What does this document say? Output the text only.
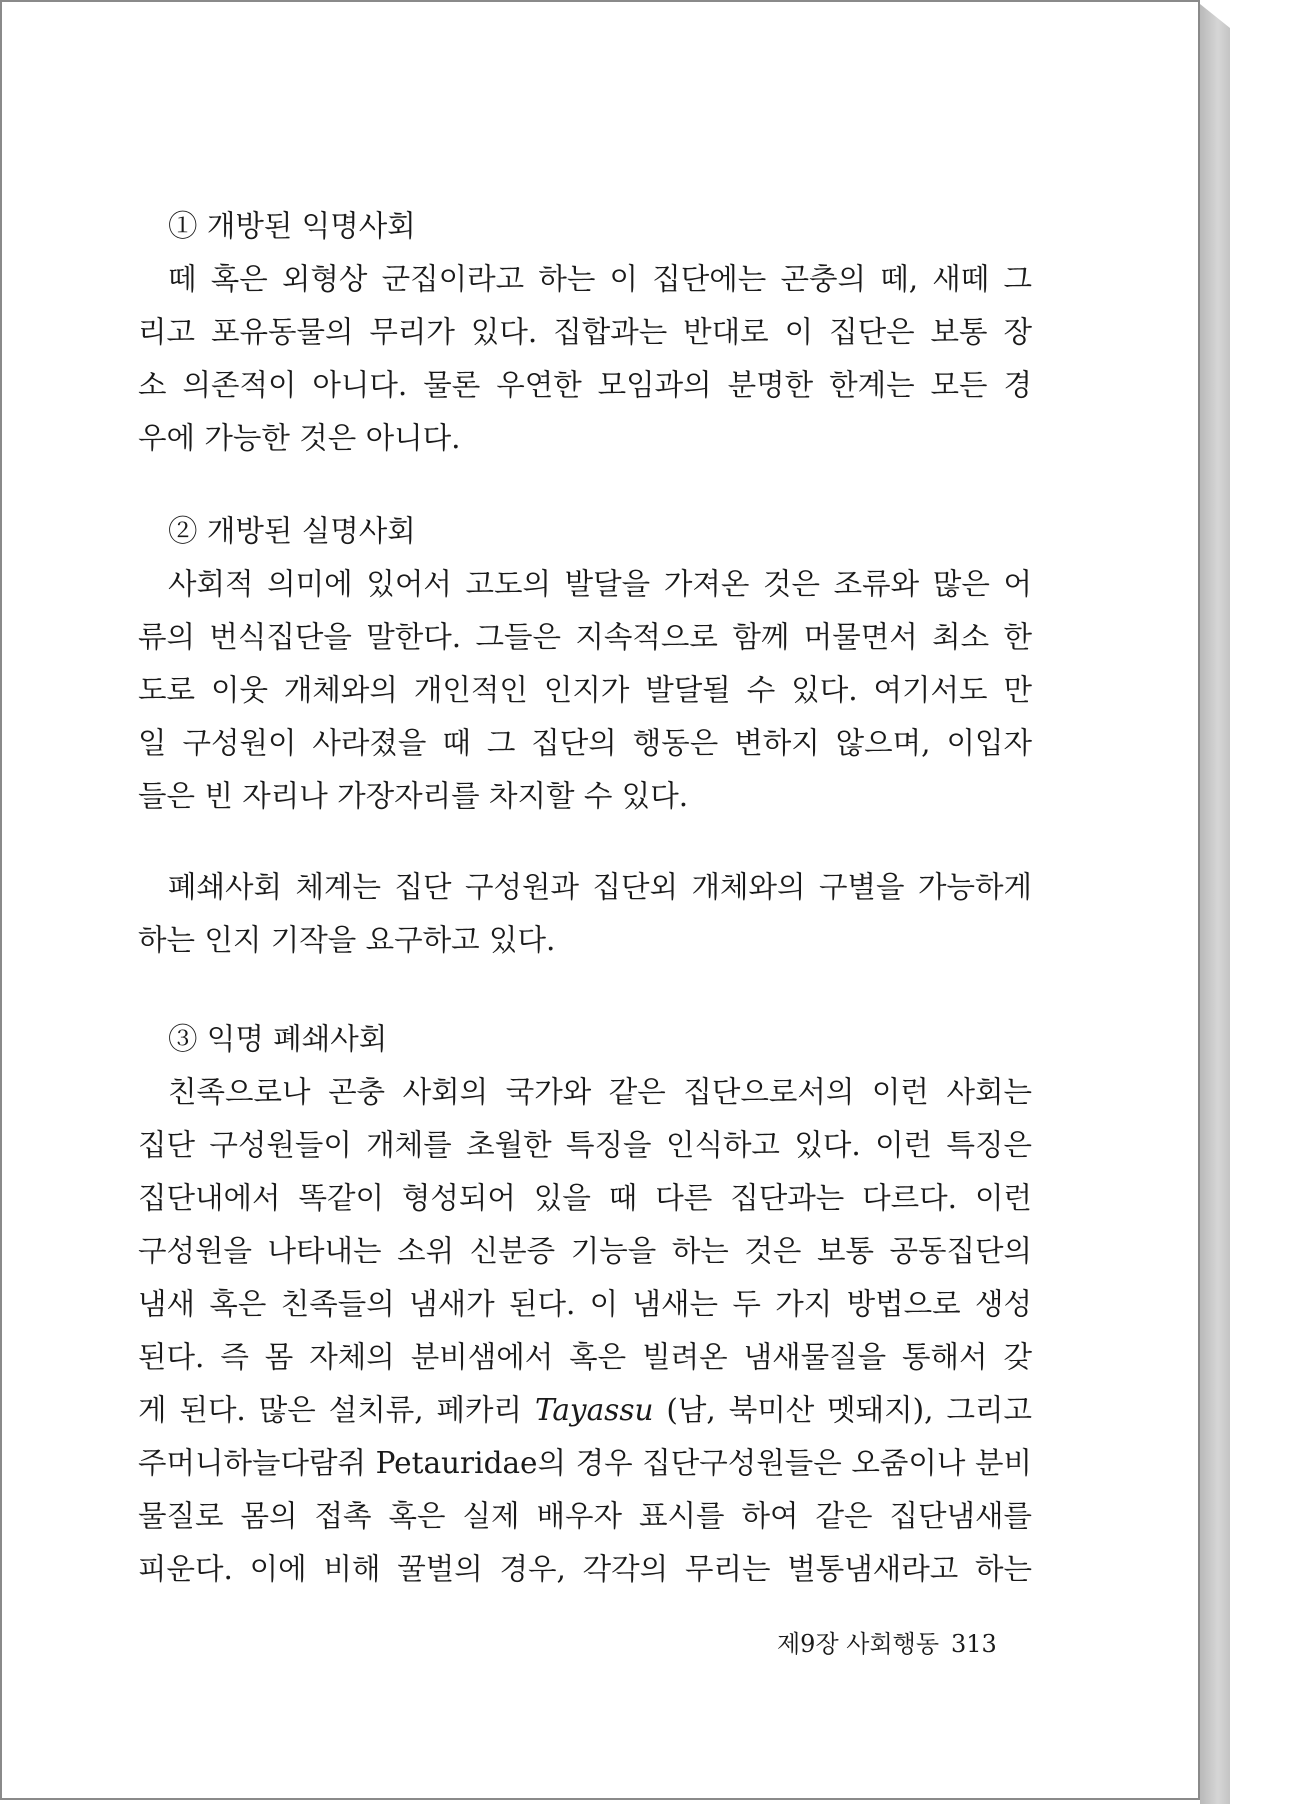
① 개방된 익명사회
떼 혹은 외형상 군집이라고 하는 이 집단에는 곤충의 떼, 새떼 그
리고 포유동물의 무리가 있다. 집합과는 반대로 이 집단은 보통 장
소 의존적이 아니다. 물론 우연한 모임과의 분명한 한계는 모든 경
우에 가능한 것은 아니다.
② 개방된 실명사회
사회적 의미에 있어서 고도의 발달을 가져온 것은 조류와 많은 어
류의 번식집단을 말한다. 그들은 지속적으로 함께 머물면서 최소 한
도로 이웃 개체와의 개인적인 인지가 발달될 수 있다. 여기서도 만
일 구성원이 사라졌을 때 그 집단의 행동은 변하지 않으며, 이입자
들은 빈 자리나 가장자리를 차지할 수 있다.
폐쇄사회 체계는 집단 구성원과 집단외 개체와의 구별을 가능하게
하는 인지 기작을 요구하고 있다.
③ 익명 폐쇄사회
친족으로나 곤충 사회의 국가와 같은 집단으로서의 이런 사회는
집단 구성원들이 개체를 초월한 특징을 인식하고 있다. 이런 특징은
집단내에서 똑같이 형성되어 있을 때 다른 집단과는 다르다. 이런
구성원을 나타내는 소위 신분증 기능을 하는 것은 보통 공동집단의
냄새 혹은 친족들의 냄새가 된다. 이 냄새는 두 가지 방법으로 생성
된다. 즉 몸 자체의 분비샘에서 혹은 빌려온 냄새물질을 통해서 갖
게 된다. 많은 설치류, 페카리 Tayassu (남, 북미산 멧돼지), 그리고
주머니하늘다람쥐 Petauridae의 경우 집단구성원들은 오줌이나 분비
물질로 몸의 접촉 혹은 실제 배우자 표시를 하여 같은 집단냄새를
피운다. 이에 비해 꿀벌의 경우, 각각의 무리는 벌통냄새라고 하는
제9장 사회행동 313
